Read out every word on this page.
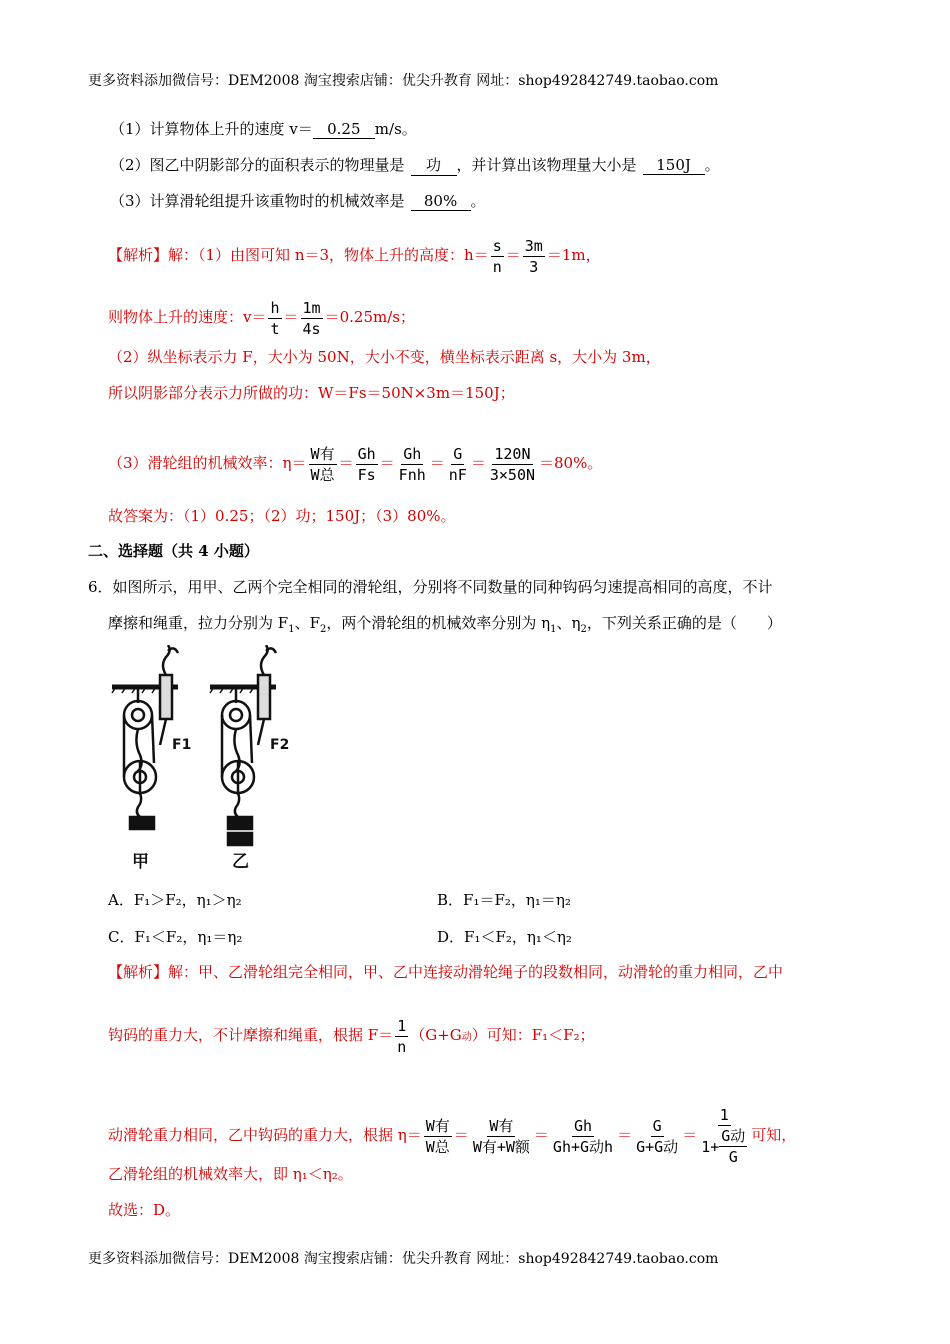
更多资料添加微信号：DEM2008 淘宝搜索店铺：优尖升教育 网址：shop492842749.taobao.com
（1）计算物体上升的速度 v＝ 0.25 m/s。
（2）图乙中阴影部分的面积表示的物理量是 功 ，并计算出该物理量大小是 150J 。
（3）计算滑轮组提升该重物时的机械效率是 80% 。
【解析】解：（1）由图可知 n＝3，物体上升的高度：$h= \frac{s}{n} = \frac{3m}{3} =1m$，
则物体上升的速度：$v= \frac{h}{t} = \frac{1m}{4s} =0.25m/s$；
（2）纵坐标表示力 F，大小为 50N，大小不变，横坐标表示距离 s，大小为 3m，
所以阴影部分表示力所做的功：W＝Fs＝50N×3m＝150J；
（3）滑轮组的机械效率：$\eta= \frac{\text{W有}}{\text{W总}} = \frac{Gh}{Fs} = \frac{Gh}{\text{Fnh}} = \frac{G}{nF} = \frac{120N}{3\times 50N} =80\%$。
故答案为：（1）0.25；（2）功；150J；（3）80%。
二、选择题（共 4 小题）
6．如图所示，用甲、乙两个完全相同的滑轮组，分别将不同数量的同种钩码匀速提高相同的高度，不计
摩擦和绳重，拉力分别为 $F_1$、$F_2$，两个滑轮组的机械效率分别为 $\eta_1$、$\eta_2$，下列关系正确的是（　　）
F1
甲
F2
乙
A．F₁＞F₂，η₁＞η₂	B．F₁＝F₂，η₁＝η₂
C．F₁＜F₂，η₁＝η₂	D．F₁＜F₂，η₁＜η₂
【解析】解：甲、乙滑轮组完全相同，甲、乙中连接动滑轮绳子的段数相同，动滑轮的重力相同，乙中
钩码的重力大，不计摩擦和绳重，根据 $F= \frac{1}{n} (G+G$动）可知：F₁＜F₂；
动滑轮重力相同，乙中钩码的重力大，根据 $\eta= \frac{\text{W有}}{\text{W总}} = \frac{\text{W有}}{\text{W有+W额}} = \frac{Gh}{\text{Gh+G动h}} = \frac{G}{\text{G+G动}} = \frac{1}{1+ \frac{\text{G动}}{G}}$ 可知，
乙滑轮组的机械效率大，即 η₁＜η₂。
故选：D。
更多资料添加微信号：DEM2008 淘宝搜索店铺：优尖升教育 网址：shop492842749.taobao.com
